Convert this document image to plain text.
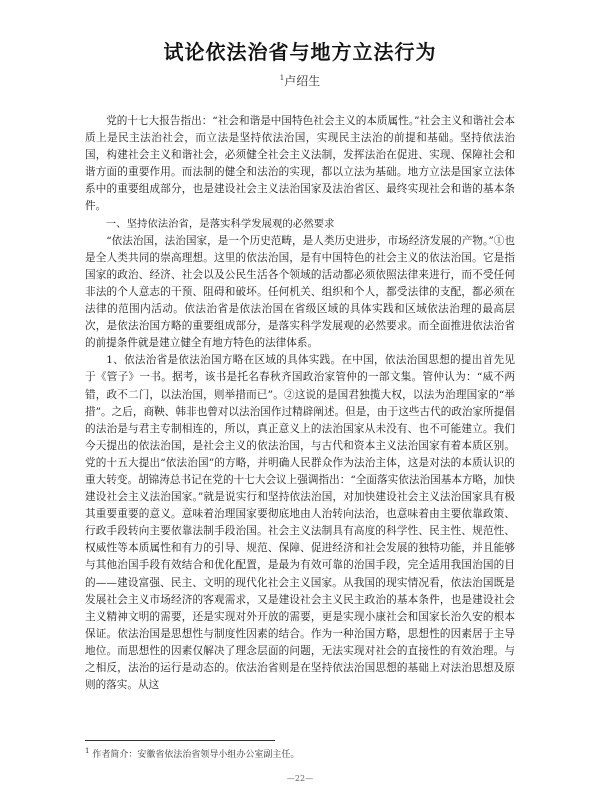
试论依法治省与地方立法行为
$^1$卢绍生

党的十七大报告指出：“社会和谐是中国特色社会主义的本质属性。”社会主义和谐社会本质上是民主法治社会，而立法是坚持依法治国，实现民主法治的前提和基础。坚持依法治国，构建社会主义和谐社会，必须健全社会主义法制，发挥法治在促进、实现、保障社会和谐方面的重要作用。而法制的健全和法治的实现，都以立法为基础。地方立法是国家立法体系中的重要组成部分，也是建设社会主义法治国家及法治省区、最终实现社会和谐的基本条件。

一、坚持依法治省，是落实科学发展观的必然要求

“依法治国，法治国家，是一个历史范畴，是人类历史进步，市场经济发展的产物。”①也是全人类共同的崇高理想。这里的依法治国，是有中国特色的社会主义的依法治国。它是指国家的政治、经济、社会以及公民生活各个领域的活动都必须依照法律来进行，而不受任何非法的个人意志的干预、阻碍和破坏。任何机关、组织和个人，都受法律的支配，都必须在法律的范围内活动。依法治省是依法治国在省级区域的具体实践和区域依法治理的最高层次，是依法治国方略的重要组成部分，是落实科学发展观的必然要求。而全面推进依法治省的前提条件就是建立健全有地方特色的法律体系。

1、依法治省是依法治国方略在区域的具体实践。在中国，依法治国思想的提出首先见于《管子》一书。据考，该书是托名春秋齐国政治家管仲的一部文集。管仲认为：“威不两错，政不二门，以法治国，则举措而已”。②这说的是国君独揽大权，以法为治理国家的“举措”。之后，商鞅、韩非也曾对以法治国作过精辟阐述。但是，由于这些古代的政治家所提倡的法治是与君主专制相连的，所以，真正意义上的法治国家从未没有、也不可能建立。我们今天提出的依法治国，是社会主义的依法治国，与古代和资本主义法治国家有着本质区别。党的十五大提出“依法治国”的方略，并明确人民群众作为法治主体，这是对法的本质认识的重大转变。胡锦涛总书记在党的十七大会议上强调指出：“全面落实依法治国基本方略，加快建设社会主义法治国家。”就是说实行和坚持依法治国，对加快建设社会主义法治国家具有极其重要重要的意义。意味着治理国家要彻底地由人治转向法治，也意味着由主要依靠政策、行政手段转向主要依靠法制手段治国。社会主义法制具有高度的科学性、民主性、规范性、权威性等本质属性和有力的引导、规范、保障、促进经济和社会发展的独特功能，并且能够与其他治国手段有效结合和优化配置，是最为有效可靠的治国手段，完全适用我国治国的目的——建设富强、民主、文明的现代化社会主义国家。从我国的现实情况看，依法治国既是发展社会主义市场经济的客观需求，又是建设社会主义民主政治的基本条件，也是建设社会主义精神文明的需要，还是实现对外开放的需要，更是实现小康社会和国家长治久安的根本保证。依法治国是思想性与制度性因素的结合。作为一种治国方略，思想性的因素居于主导地位。而思想性的因素仅解决了理念层面的问题，无法实现对社会的直接性的有效治理。与之相反，法治的运行是动态的。依法治省则是在坚持依法治国思想的基础上对法治思想及原则的落实。从这

$^1$ 作者简介：安徽省依法治省领导小组办公室副主任。
—22—
